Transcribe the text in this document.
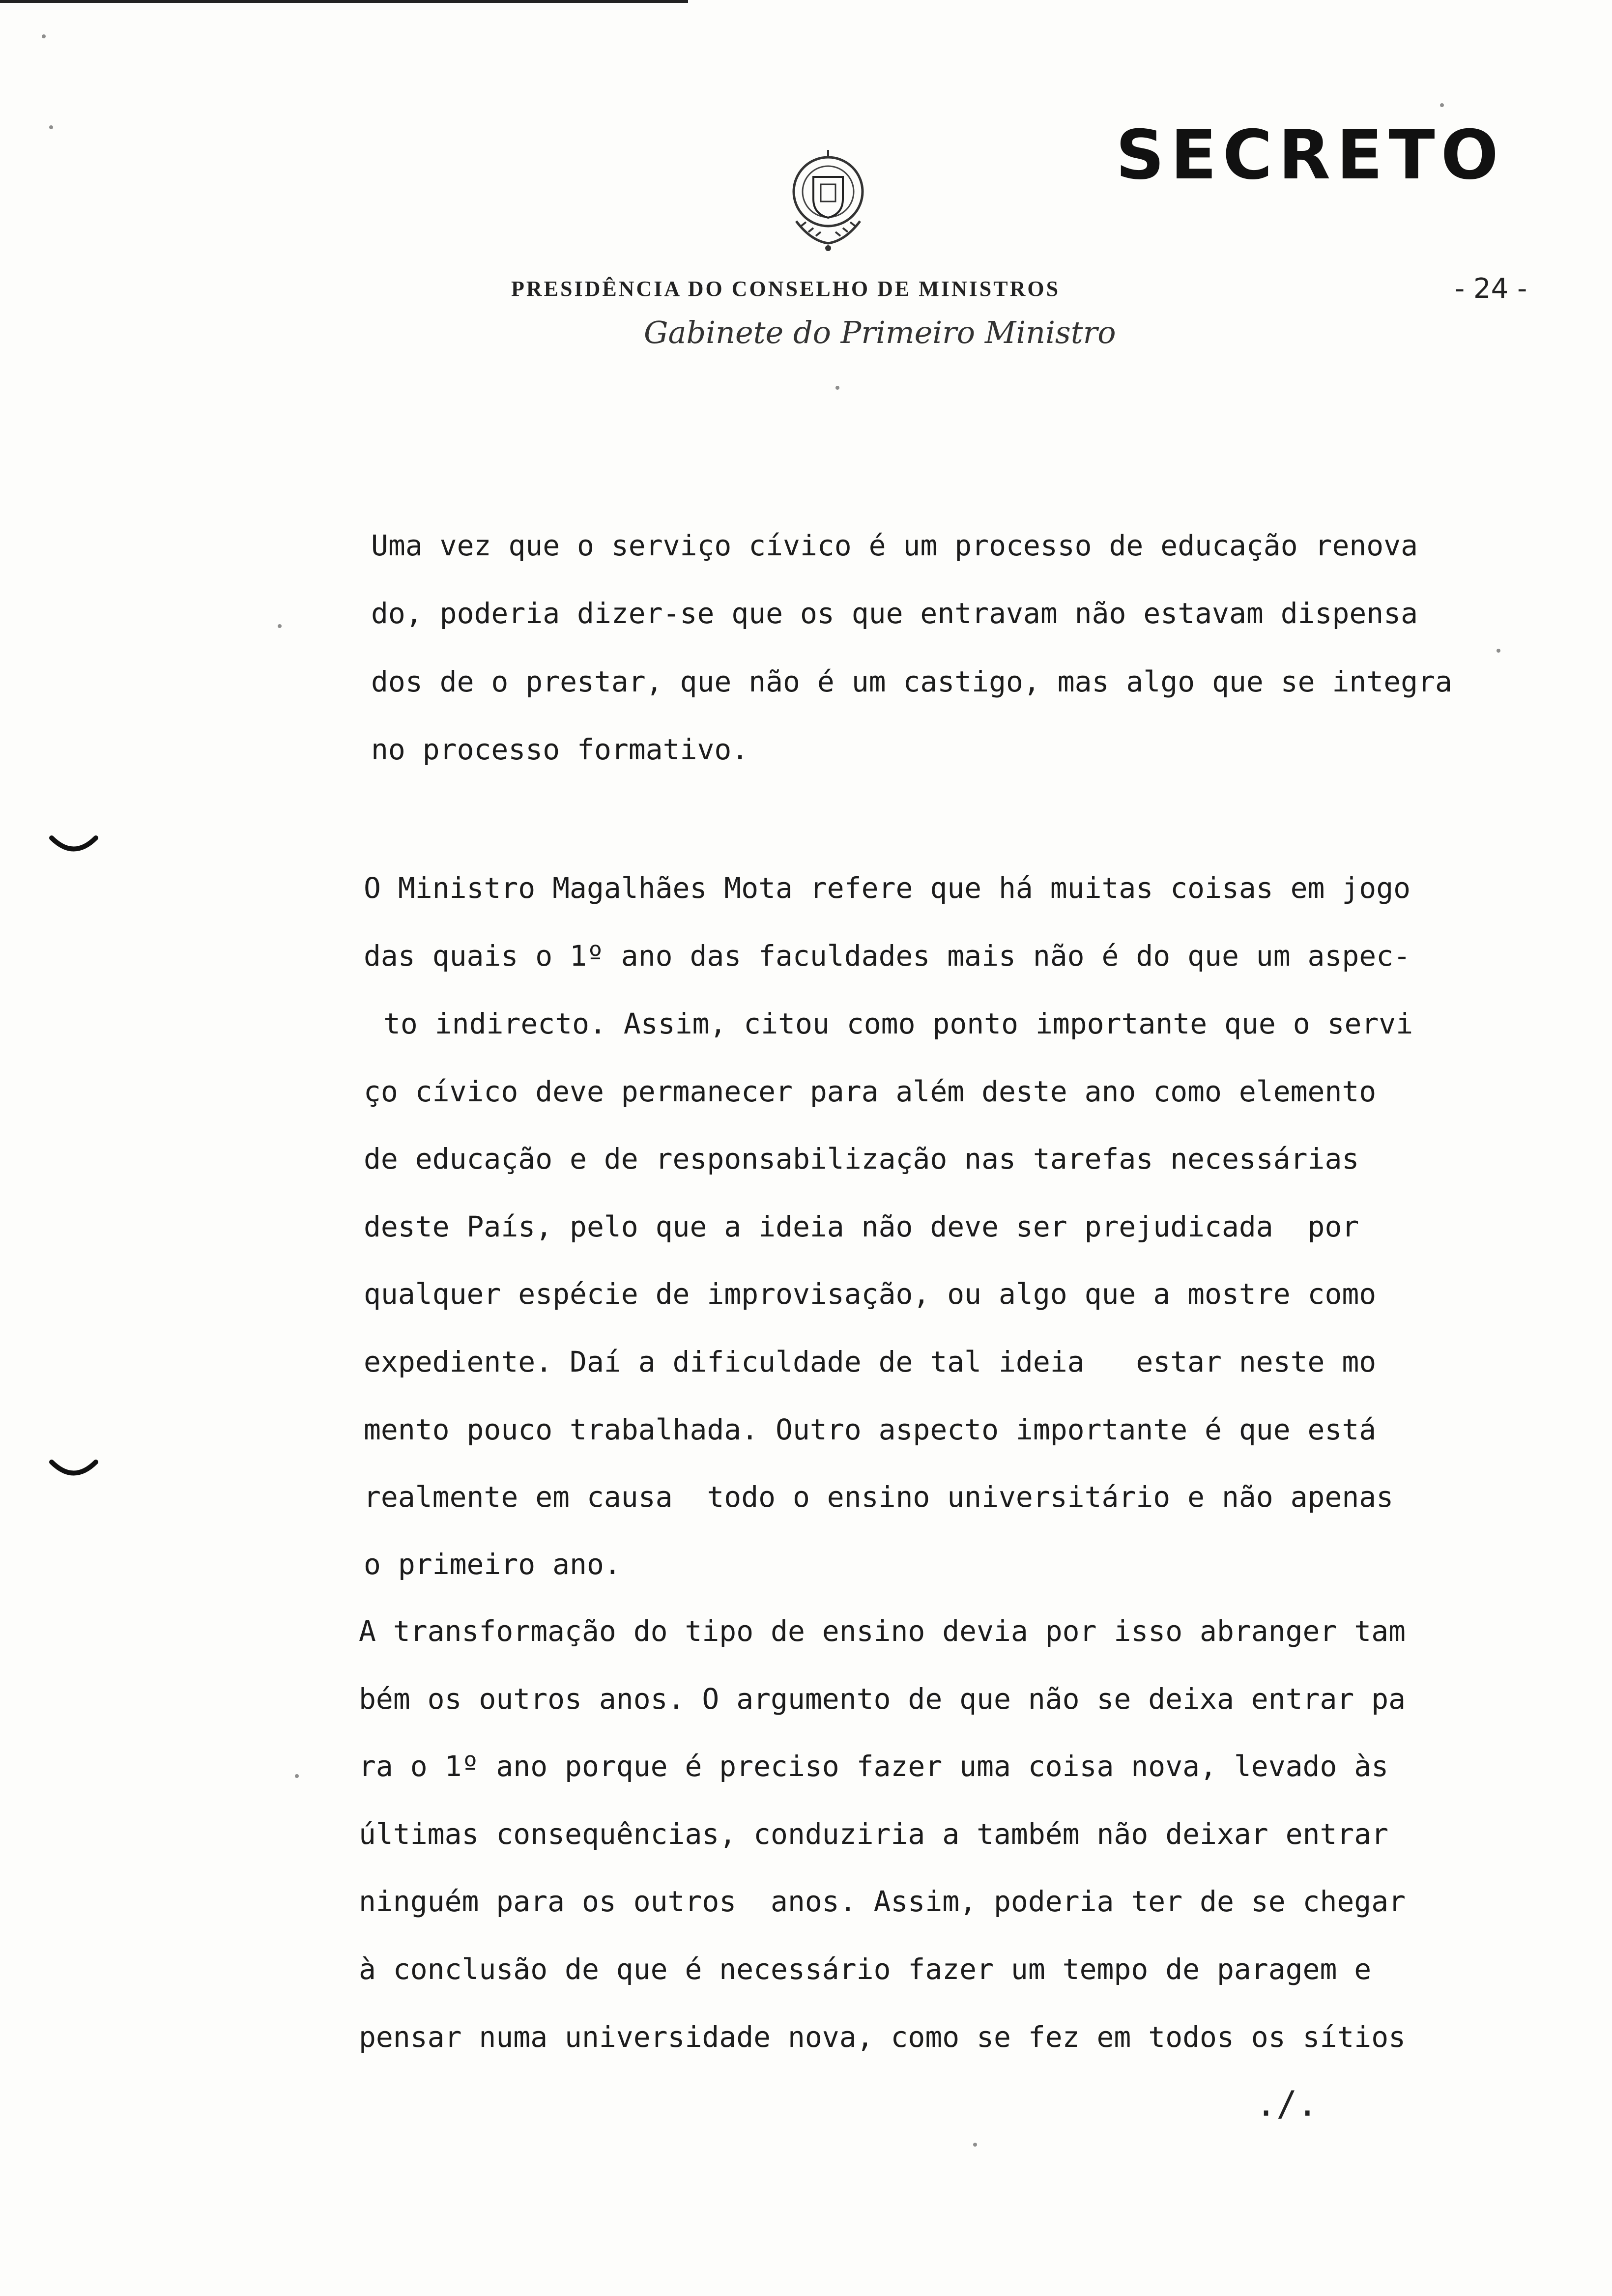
SECRETO
PRESIDÊNCIA DO CONSELHO DE MINISTROS
Gabinete do Primeiro Ministro
- 24 -
Uma vez que o serviço cívico é um processo de educação renova
do, poderia dizer-se que os que entravam não estavam dispensa
dos de o prestar, que não é um castigo, mas algo que se integra
no processo formativo.
O Ministro Magalhães Mota refere que há muitas coisas em jogo
das quais o 1º ano das faculdades mais não é do que um aspec-
to indirecto. Assim, citou como ponto importante que o servi
ço cívico deve permanecer para além deste ano como elemento
de educação e de responsabilização nas tarefas necessárias
deste País, pelo que a ideia não deve ser prejudicada  por
qualquer espécie de improvisação, ou algo que a mostre como
expediente. Daí a dificuldade de tal ideia   estar neste mo
mento pouco trabalhada. Outro aspecto importante é que está
realmente em causa  todo o ensino universitário e não apenas
o primeiro ano.
A transformação do tipo de ensino devia por isso abranger tam
bém os outros anos. O argumento de que não se deixa entrar pa
ra o 1º ano porque é preciso fazer uma coisa nova, levado às
últimas consequências, conduziria a também não deixar entrar
ninguém para os outros  anos. Assim, poderia ter de se chegar
à conclusão de que é necessário fazer um tempo de paragem e
pensar numa universidade nova, como se fez em todos os sítios
./.
